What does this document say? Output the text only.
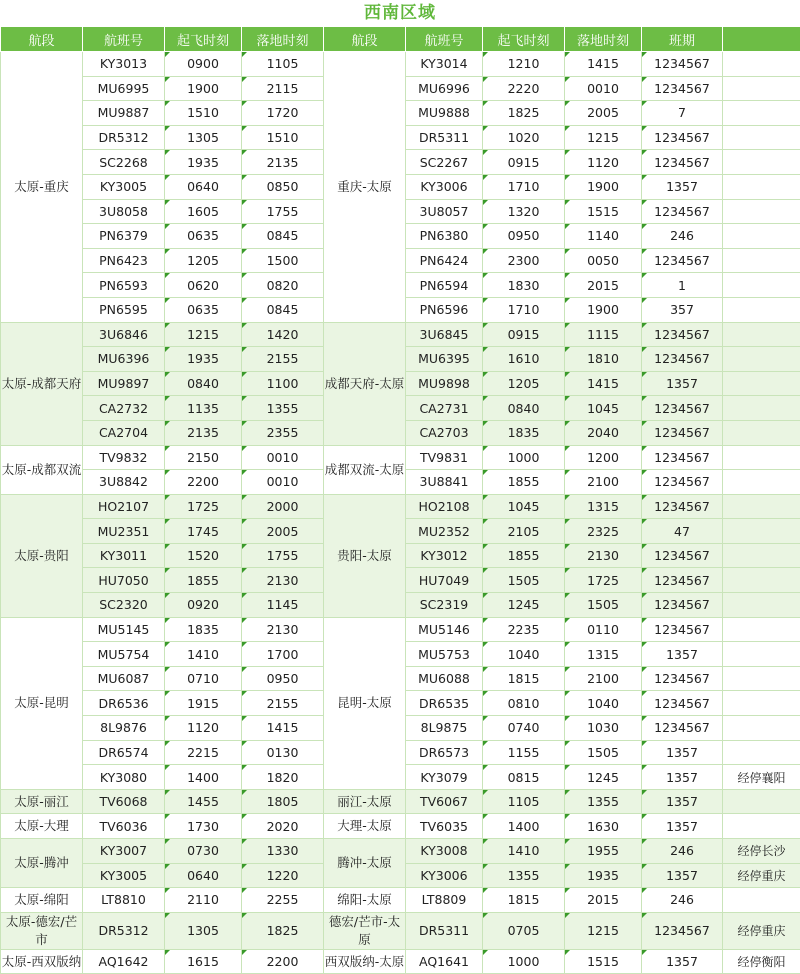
西南区域
航段	航班号	起飞时刻	落地时刻	航段	航班号	起飞时刻	落地时刻	班期	
太原-重庆	KY3013	0900	1105	重庆-太原	KY3014	1210	1415	1234567	
	MU6995	1900	2115		MU6996	2220	0010	1234567	
	MU9887	1510	1720		MU9888	1825	2005	7	
	DR5312	1305	1510		DR5311	1020	1215	1234567	
	SC2268	1935	2135		SC2267	0915	1120	1234567	
	KY3005	0640	0850		KY3006	1710	1900	1357	
	3U8058	1605	1755		3U8057	1320	1515	1234567	
	PN6379	0635	0845		PN6380	0950	1140	246	
	PN6423	1205	1500		PN6424	2300	0050	1234567	
	PN6593	0620	0820		PN6594	1830	2015	1	
	PN6595	0635	0845		PN6596	1710	1900	357	
太原-成都天府	3U6846	1215	1420	成都天府-太原	3U6845	0915	1115	1234567	
	MU6396	1935	2155		MU6395	1610	1810	1234567	
	MU9897	0840	1100		MU9898	1205	1415	1357	
	CA2732	1135	1355		CA2731	0840	1045	1234567	
	CA2704	2135	2355		CA2703	1835	2040	1234567	
太原-成都双流	TV9832	2150	0010	成都双流-太原	TV9831	1000	1200	1234567	
	3U8842	2200	0010		3U8841	1855	2100	1234567	
太原-贵阳	HO2107	1725	2000	贵阳-太原	HO2108	1045	1315	1234567	
	MU2351	1745	2005		MU2352	2105	2325	47	
	KY3011	1520	1755		KY3012	1855	2130	1234567	
	HU7050	1855	2130		HU7049	1505	1725	1234567	
	SC2320	0920	1145		SC2319	1245	1505	1234567	
太原-昆明	MU5145	1835	2130	昆明-太原	MU5146	2235	0110	1234567	
	MU5754	1410	1700		MU5753	1040	1315	1357	
	MU6087	0710	0950		MU6088	1815	2100	1234567	
	DR6536	1915	2155		DR6535	0810	1040	1234567	
	8L9876	1120	1415		8L9875	0740	1030	1234567	
	DR6574	2215	0130		DR6573	1155	1505	1357	
	KY3080	1400	1820		KY3079	0815	1245	1357	经停襄阳
太原-丽江	TV6068	1455	1805	丽江-太原	TV6067	1105	1355	1357	
太原-大理	TV6036	1730	2020	大理-太原	TV6035	1400	1630	1357	
太原-腾冲	KY3007	0730	1330	腾冲-太原	KY3008	1410	1955	246	经停长沙
	KY3005	0640	1220		KY3006	1355	1935	1357	经停重庆
太原-绵阳	LT8810	2110	2255	绵阳-太原	LT8809	1815	2015	246	
太原-德宏/芒市	DR5312	1305	1825	德宏/芒市-太原	DR5311	0705	1215	1234567	经停重庆
太原-西双版纳	AQ1642	1615	2200	西双版纳-太原	AQ1641	1000	1515	1357	经停衡阳
